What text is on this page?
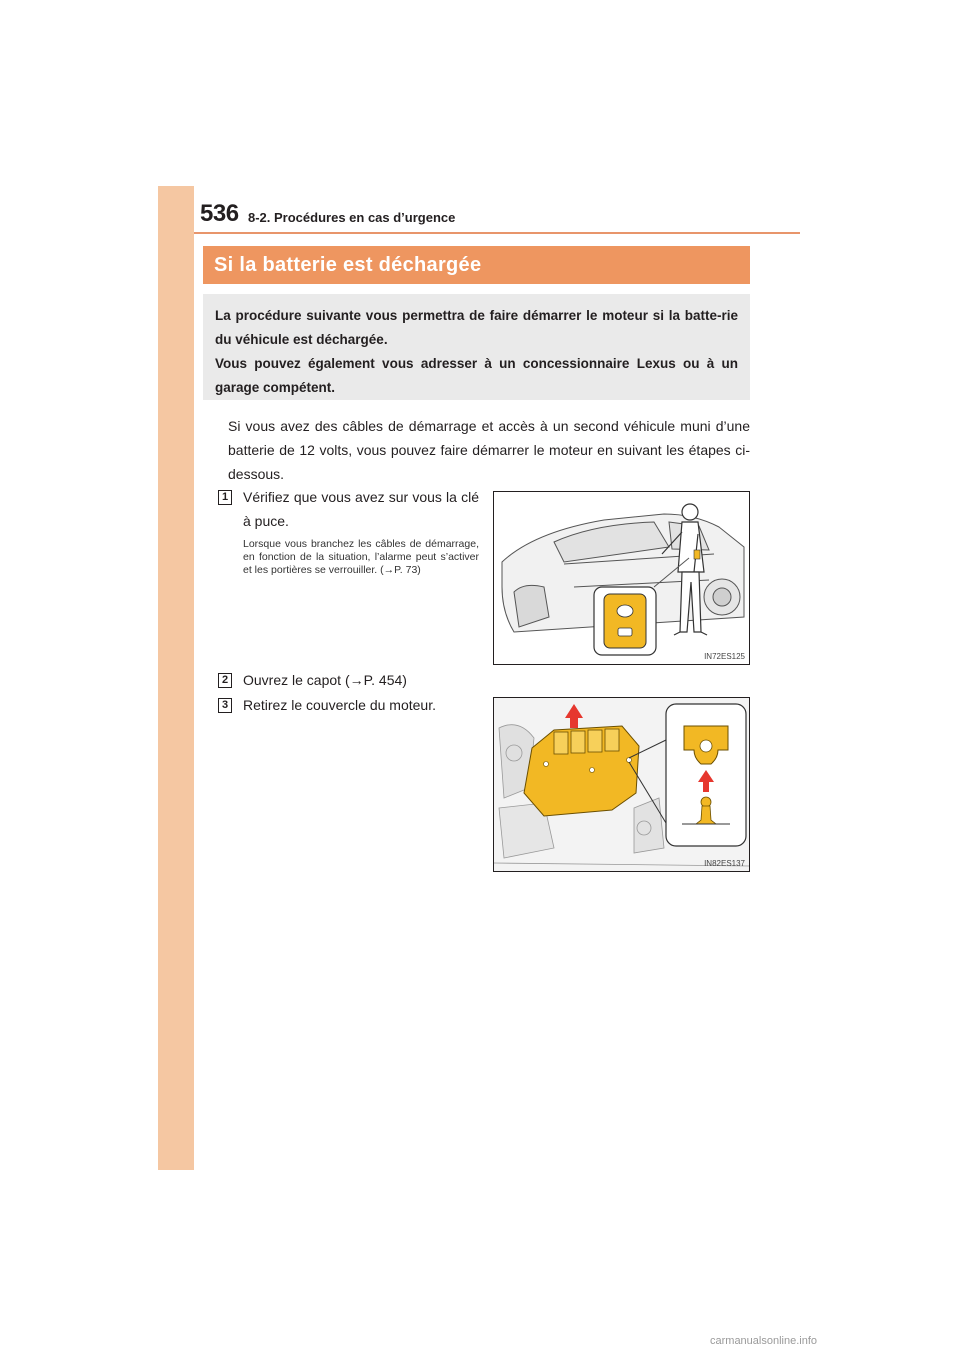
536 8-2. Procédures en cas d’urgence
Si la batterie est déchargée

La procédure suivante vous permettra de faire démarrer le moteur si la batte-rie du véhicule est déchargée.

Vous pouvez également vous adresser à un concessionnaire Lexus ou à un garage compétent.

Si vous avez des câbles de démarrage et accès à un second véhicule muni d’une batterie de 12 volts, vous pouvez faire démarrer le moteur en suivant les étapes ci-dessous.

1 Vérifiez que vous avez sur vous la clé à puce.

Lorsque vous branchez les câbles de démarrage, en fonction de la situation, l’alarme peut s’activer et les portières se verrouiller. (→P. 73)

IN72ES125
2 Ouvrez le capot (→P. 454)

3 Retirez le couvercle du moteur.

IN82ES137
carmanualsonline.info
